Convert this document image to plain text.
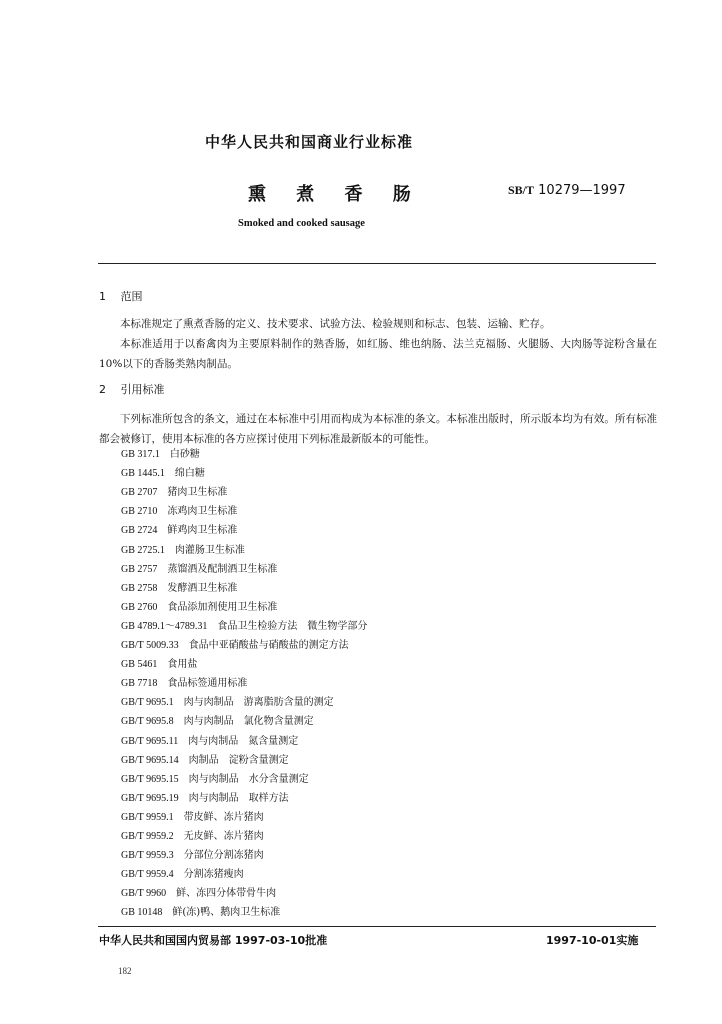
中华人民共和国商业行业标准
熏 煮 香 肠	SB/T 10279—1997
Smoked and cooked sausage
1 范围
本标准规定了熏煮香肠的定义、技术要求、试验方法、检验规则和标志、包装、运输、贮存。
本标准适用于以畜禽肉为主要原料制作的熟香肠，如红肠、维也纳肠、法兰克福肠、火腿肠、大肉肠等淀粉含量在10%以下的香肠类熟肉制品。
2 引用标准
下列标准所包含的条文，通过在本标准中引用而构成为本标准的条文。本标准出版时，所示版本均为有效。所有标准都会被修订，使用本标准的各方应探讨使用下列标准最新版本的可能性。
GB 317.1 白砂糖
GB 1445.1 绵白糖
GB 2707 猪肉卫生标准
GB 2710 冻鸡肉卫生标准
GB 2724 鲜鸡肉卫生标准
GB 2725.1 肉灌肠卫生标准
GB 2757 蒸馏酒及配制酒卫生标准
GB 2758 发酵酒卫生标准
GB 2760 食品添加剂使用卫生标准
GB 4789.1～4789.31 食品卫生检验方法　微生物学部分
GB/T 5009.33 食品中亚硝酸盐与硝酸盐的测定方法
GB 5461 食用盐
GB 7718 食品标签通用标准
GB/T 9695.1 肉与肉制品　游离脂肪含量的测定
GB/T 9695.8 肉与肉制品　氯化物含量测定
GB/T 9695.11 肉与肉制品　氮含量测定
GB/T 9695.14 肉制品　淀粉含量测定
GB/T 9695.15 肉与肉制品　水分含量测定
GB/T 9695.19 肉与肉制品　取样方法
GB/T 9959.1 带皮鲜、冻片猪肉
GB/T 9959.2 无皮鲜、冻片猪肉
GB/T 9959.3 分部位分割冻猪肉
GB/T 9959.4 分割冻猪瘦肉
GB/T 9960 鲜、冻四分体带骨牛肉
GB 10148 鲜(冻)鸭、鹅肉卫生标准
中华人民共和国国内贸易部 1997-03-10批准	1997-10-01实施
182
